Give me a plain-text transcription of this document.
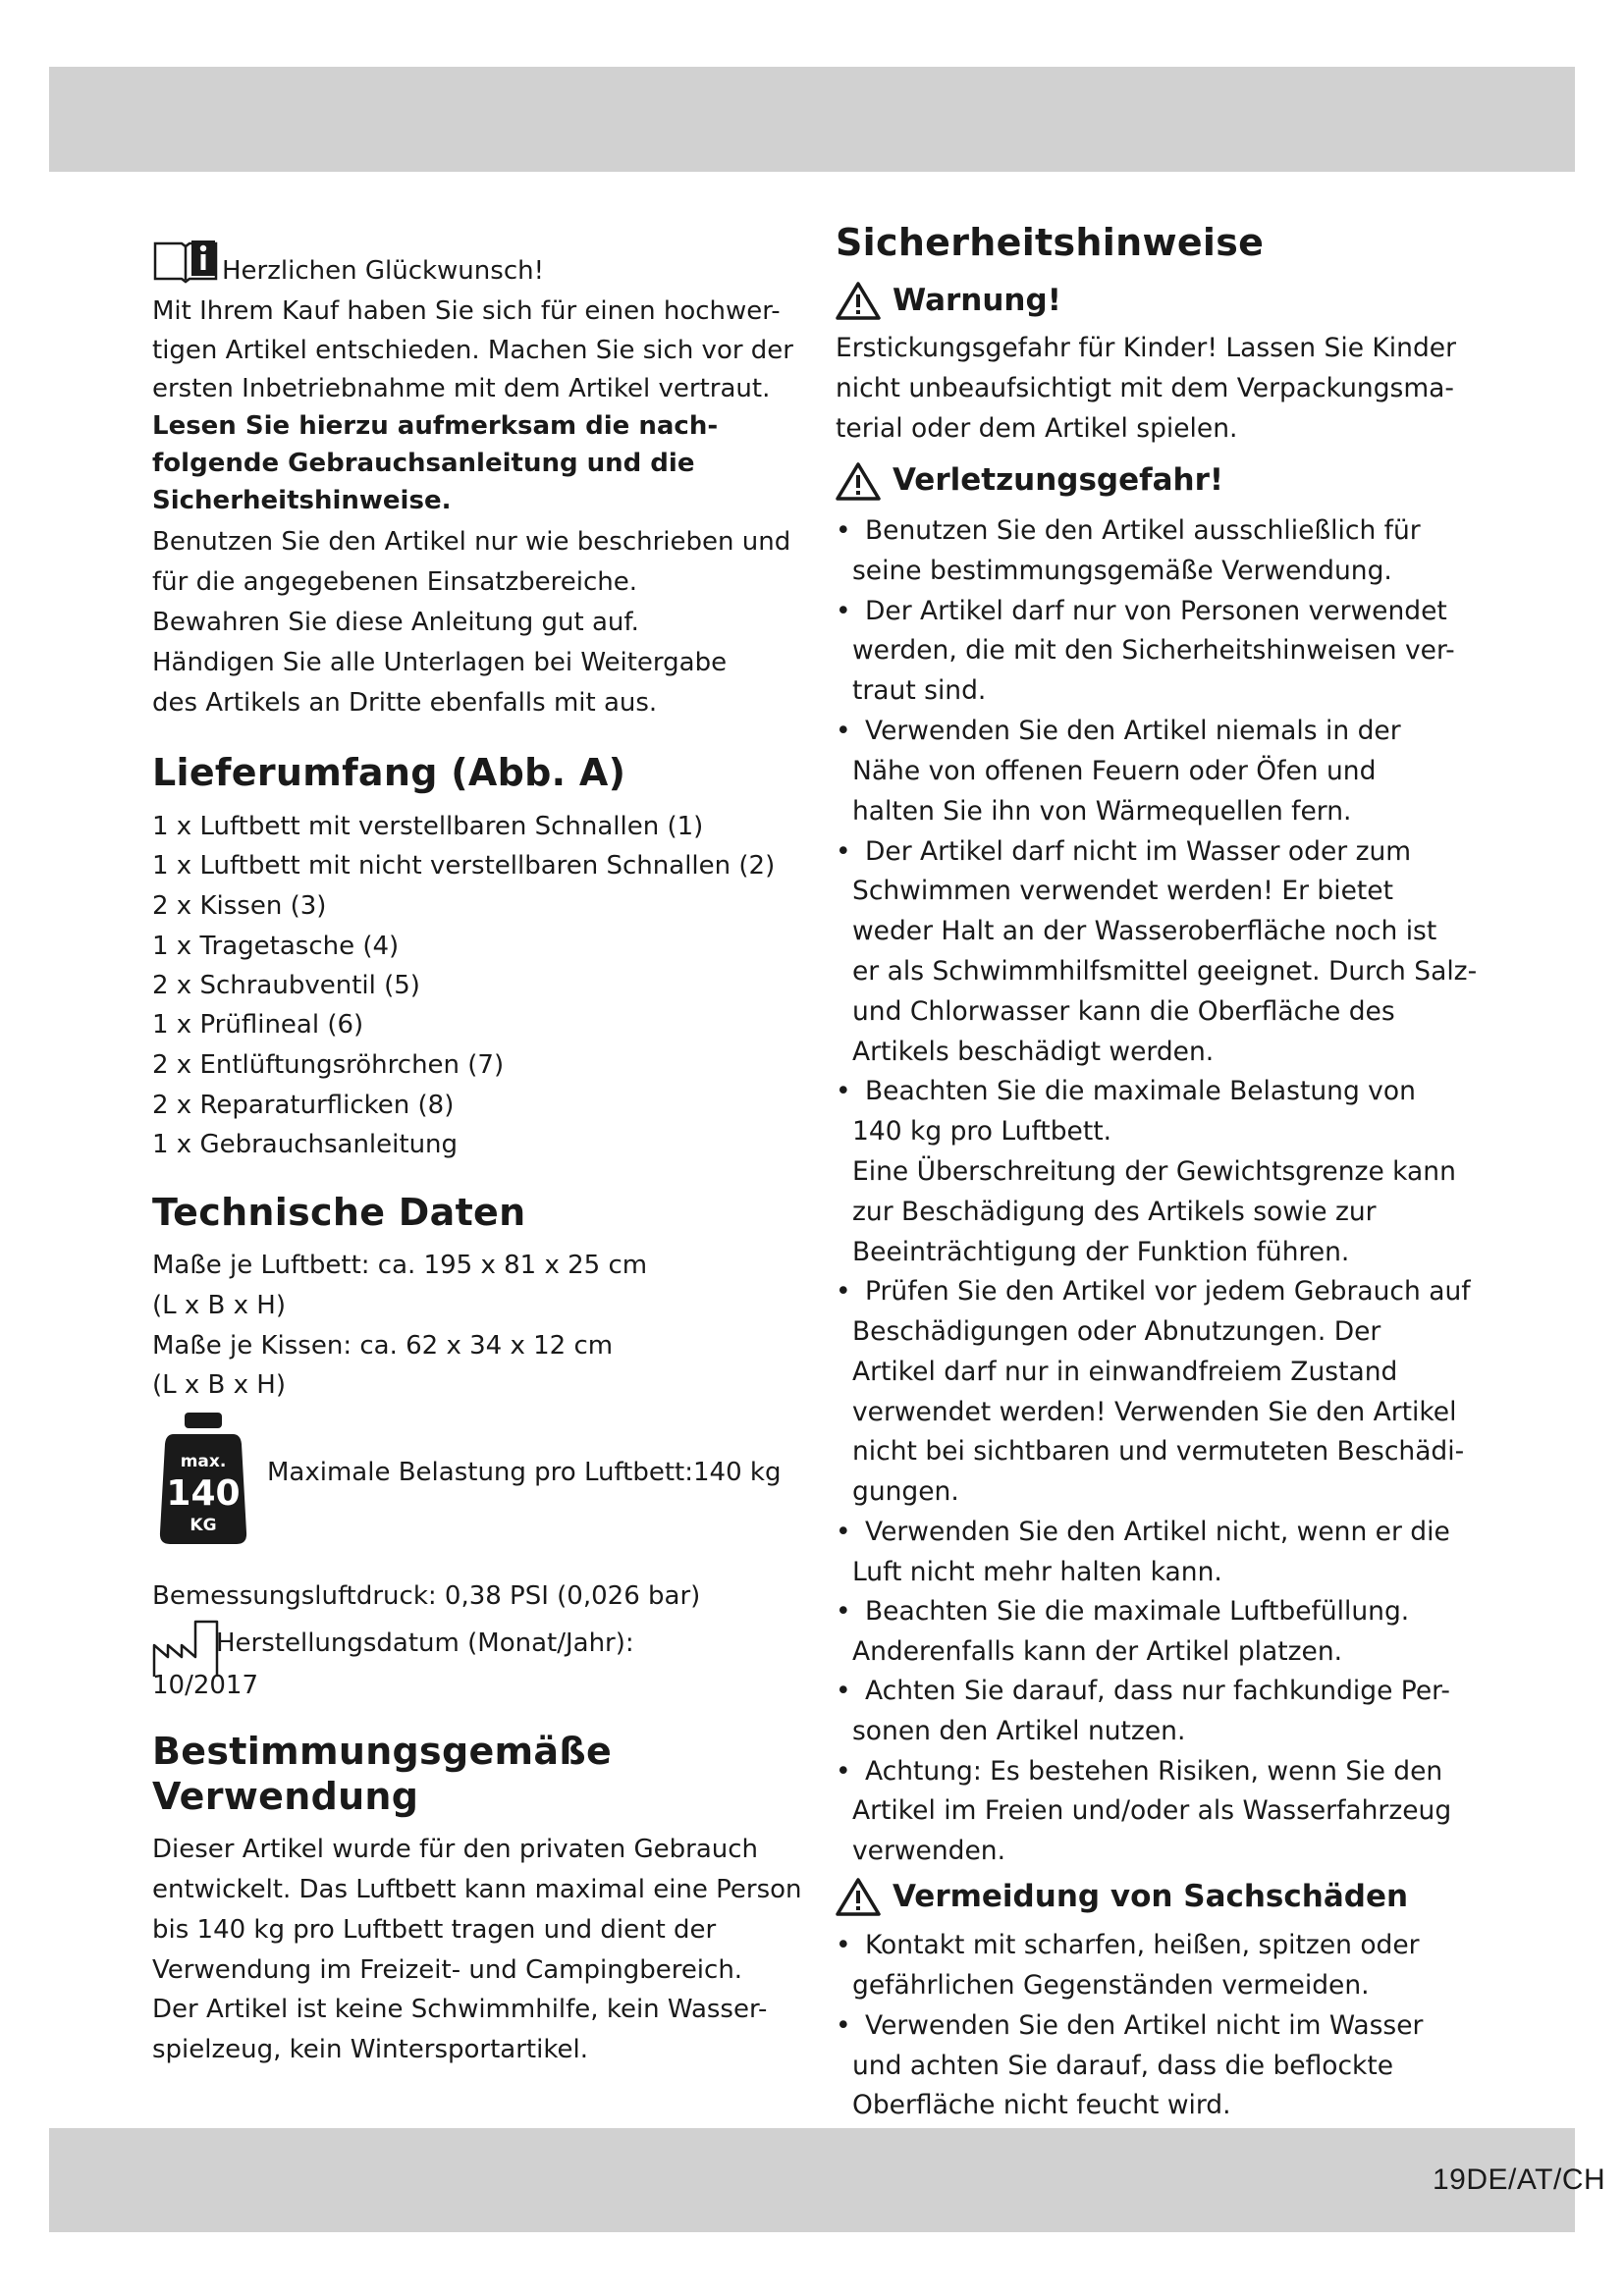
19DE/AT/CH
Herzlichen Glückwunsch!
Mit Ihrem Kauf haben Sie sich für einen hochwer-
tigen Artikel entschieden. Machen Sie sich vor der
ersten Inbetriebnahme mit dem Artikel vertraut.
Lesen Sie hierzu aufmerksam die nach-
folgende Gebrauchsanleitung und die
Sicherheitshinweise.
Benutzen Sie den Artikel nur wie beschrieben und
für die angegebenen Einsatzbereiche.
Bewahren Sie diese Anleitung gut auf.
Händigen Sie alle Unterlagen bei Weitergabe
des Artikels an Dritte ebenfalls mit aus.
Lieferumfang (Abb. A)
1 x Luftbett mit verstellbaren Schnallen (1)
1 x Luftbett mit nicht verstellbaren Schnallen (2)
2 x Kissen (3)
1 x Tragetasche (4)
2 x Schraubventil (5)
1 x Prüflineal (6)
2 x Entlüftungsröhrchen (7)
2 x Reparaturflicken (8)
1 x Gebrauchsanleitung
Technische Daten
Maße je Luftbett: ca. 195 x 81 x 25 cm
(L x B x H)
Maße je Kissen: ca. 62 x 34 x 12 cm
(L x B x H)
max.
140
KG
Maximale Belastung pro Luftbett:140 kg
Bemessungsluftdruck: 0,38 PSI (0,026 bar)
Herstellungsdatum (Monat/Jahr):
10/2017
Bestimmungsgemäße
Verwendung
Dieser Artikel wurde für den privaten Gebrauch
entwickelt. Das Luftbett kann maximal eine Person
bis 140 kg pro Luftbett tragen und dient der
Verwendung im Freizeit- und Campingbereich.
Der Artikel ist keine Schwimmhilfe, kein Wasser-
spielzeug, kein Wintersportartikel.
Sicherheitshinweise
Warnung!
Erstickungsgefahr für Kinder! Lassen Sie Kinder
nicht unbeaufsichtigt mit dem Verpackungsma-
terial oder dem Artikel spielen.
Verletzungsgefahr!
• Benutzen Sie den Artikel ausschließlich für
seine bestimmungsgemäße Verwendung.
• Der Artikel darf nur von Personen verwendet
werden, die mit den Sicherheitshinweisen ver-
traut sind.
• Verwenden Sie den Artikel niemals in der
Nähe von offenen Feuern oder Öfen und
halten Sie ihn von Wärmequellen fern.
• Der Artikel darf nicht im Wasser oder zum
Schwimmen verwendet werden! Er bietet
weder Halt an der Wasseroberfläche noch ist
er als Schwimmhilfsmittel geeignet. Durch Salz-
und Chlorwasser kann die Oberfläche des
Artikels beschädigt werden.
• Beachten Sie die maximale Belastung von
140 kg pro Luftbett.
Eine Überschreitung der Gewichtsgrenze kann
zur Beschädigung des Artikels sowie zur
Beeinträchtigung der Funktion führen.
• Prüfen Sie den Artikel vor jedem Gebrauch auf
Beschädigungen oder Abnutzungen. Der
Artikel darf nur in einwandfreiem Zustand
verwendet werden! Verwenden Sie den Artikel
nicht bei sichtbaren und vermuteten Beschädi-
gungen.
• Verwenden Sie den Artikel nicht, wenn er die
Luft nicht mehr halten kann.
• Beachten Sie die maximale Luftbefüllung.
Anderenfalls kann der Artikel platzen.
• Achten Sie darauf, dass nur fachkundige Per-
sonen den Artikel nutzen.
• Achtung: Es bestehen Risiken, wenn Sie den
Artikel im Freien und/oder als Wasserfahrzeug
verwenden.
Vermeidung von Sachschäden
• Kontakt mit scharfen, heißen, spitzen oder
gefährlichen Gegenständen vermeiden.
• Verwenden Sie den Artikel nicht im Wasser
und achten Sie darauf, dass die beflockte
Oberfläche nicht feucht wird.
